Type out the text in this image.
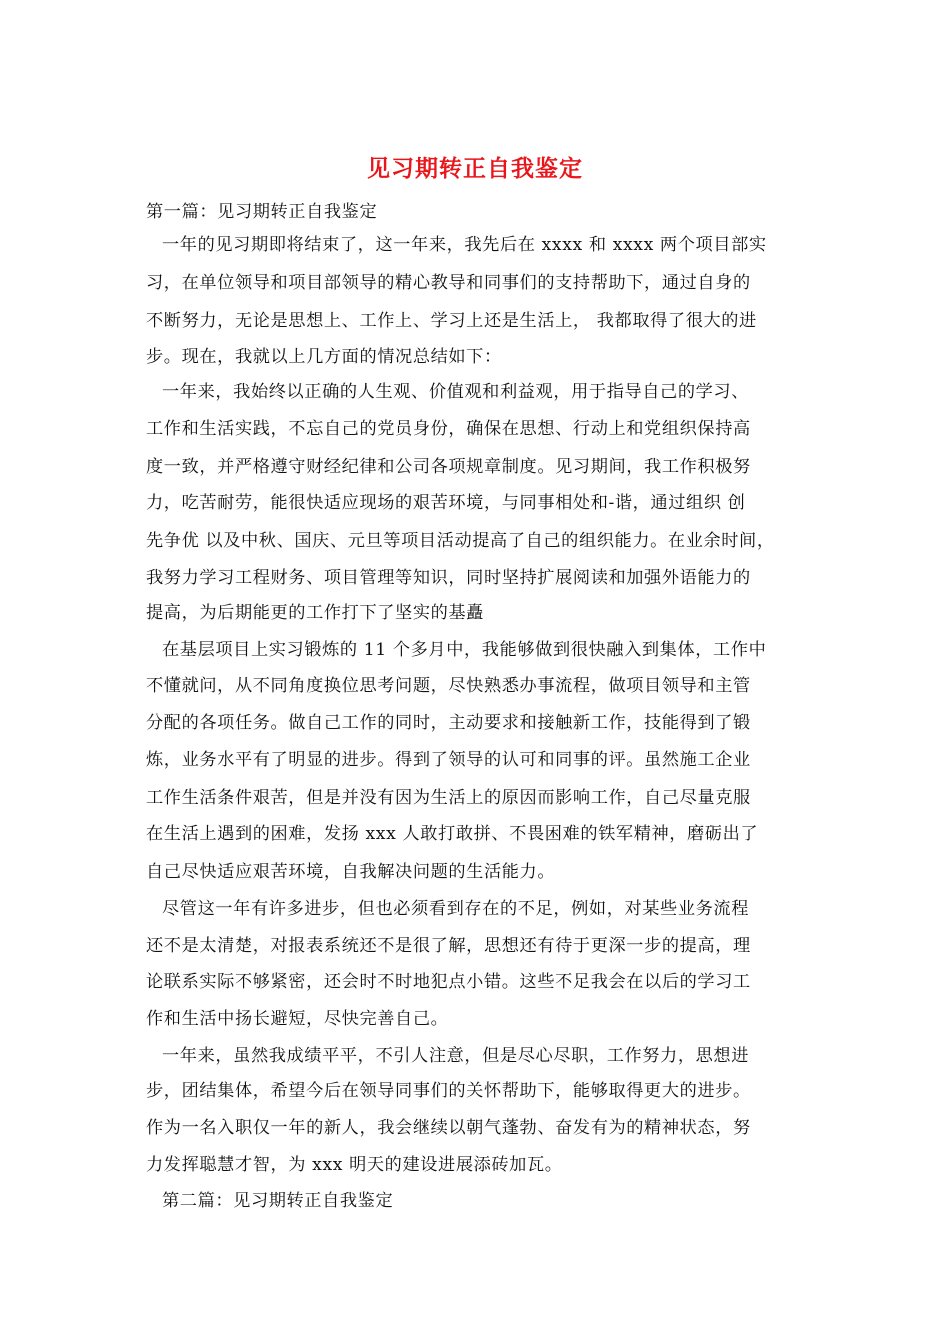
见习期转正自我鉴定
第一篇：见习期转正自我鉴定
一年的见习期即将结束了，这一年来，我先后在 xxxx 和 xxxx 两个项目部实
习，在单位领导和项目部领导的精心教导和同事们的支持帮助下，通过自身的
不断努力，无论是思想上、工作上、学习上还是生活上， 我都取得了很大的进
步。现在，我就以上几方面的情况总结如下：
一年来，我始终以正确的人生观、价值观和利益观，用于指导自己的学习、
工作和生活实践，不忘自己的党员身份，确保在思想、行动上和党组织保持高
度一致，并严格遵守财经纪律和公司各项规章制度。见习期间，我工作积极努
力，吃苦耐劳，能很快适应现场的艰苦环境，与同事相处和-谐，通过组织 创
先争优 以及中秋、国庆、元旦等项目活动提高了自己的组织能力。在业余时间，
我努力学习工程财务、项目管理等知识，同时坚持扩展阅读和加强外语能力的
提高，为后期能更的工作打下了坚实的基矗
在基层项目上实习锻炼的 11 个多月中，我能够做到很快融入到集体，工作中
不懂就问，从不同角度换位思考问题，尽快熟悉办事流程，做项目领导和主管
分配的各项任务。做自己工作的同时，主动要求和接触新工作，技能得到了锻
炼，业务水平有了明显的进步。得到了领导的认可和同事的评。虽然施工企业
工作生活条件艰苦，但是并没有因为生活上的原因而影响工作，自己尽量克服
在生活上遇到的困难，发扬 xxx 人敢打敢拼、不畏困难的铁军精神，磨砺出了
自己尽快适应艰苦环境，自我解决问题的生活能力。
尽管这一年有许多进步，但也必须看到存在的不足，例如，对某些业务流程
还不是太清楚，对报表系统还不是很了解，思想还有待于更深一步的提高，理
论联系实际不够紧密，还会时不时地犯点小错。这些不足我会在以后的学习工
作和生活中扬长避短，尽快完善自己。
一年来，虽然我成绩平平，不引人注意，但是尽心尽职，工作努力，思想进
步，团结集体，希望今后在领导同事们的关怀帮助下，能够取得更大的进步。
作为一名入职仅一年的新人，我会继续以朝气蓬勃、奋发有为的精神状态，努
力发挥聪慧才智，为 xxx 明天的建设进展添砖加瓦。
第二篇：见习期转正自我鉴定
